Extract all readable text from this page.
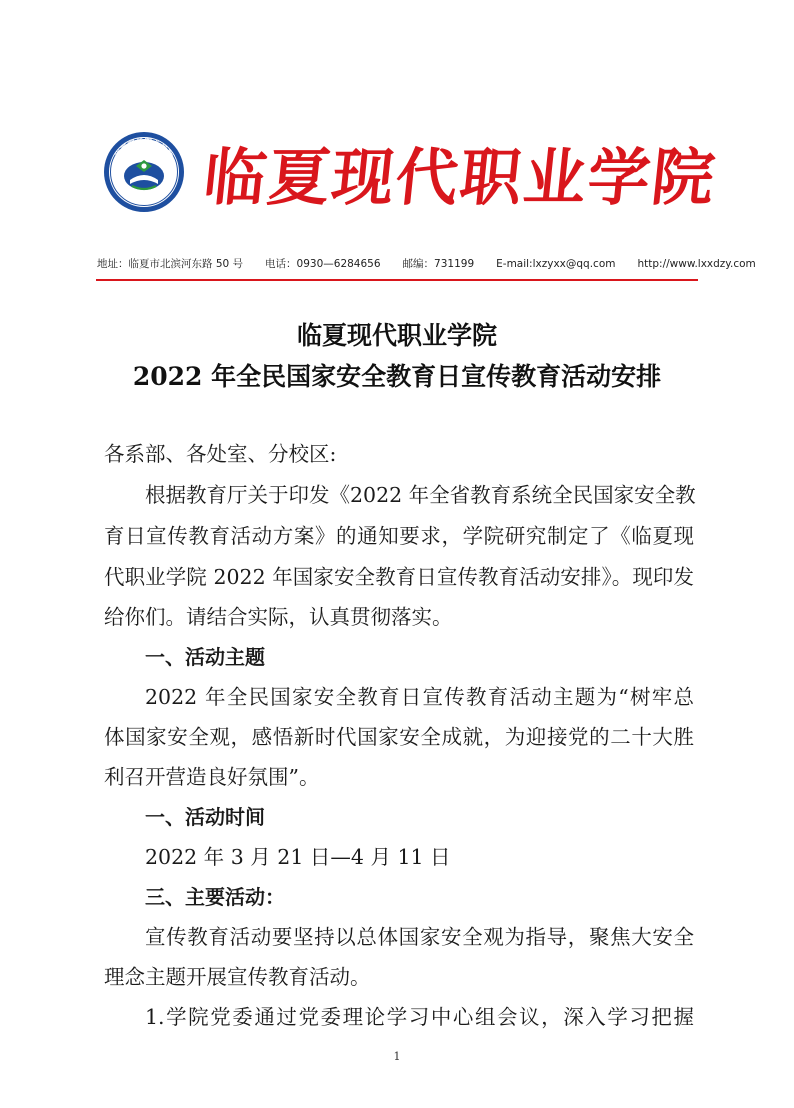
临夏现代职业学院
LINXIA MODERN VOCATIONAL COLLEGE 临夏现代职业学院
地址：临夏市北滨河东路 50 号 电话：0930—6284656 邮编：731199 E-mail:lxzyxx@qq.com http://www.lxxdzy.com
临夏现代职业学院
2022 年全民国家安全教育日宣传教育活动安排
各系部、各处室、分校区:
根据教育厅关于印发《2022 年全省教育系统全民国家安全教
育日宣传教育活动方案》的通知要求，学院研究制定了《临夏现
代职业学院 2022 年国家安全教育日宣传教育活动安排》。现印发
给你们。请结合实际，认真贯彻落实。
一、活动主题
2022 年全民国家安全教育日宣传教育活动主题为“树牢总
体国家安全观，感悟新时代国家安全成就，为迎接党的二十大胜
利召开营造良好氛围”。
一、活动时间
2022 年 3 月 21 日—4 月 11 日
三、主要活动：
宣传教育活动要坚持以总体国家安全观为指导，聚焦大安全
理念主题开展宣传教育活动。
1.学院党委通过党委理论学习中心组会议，深入学习把握
1
